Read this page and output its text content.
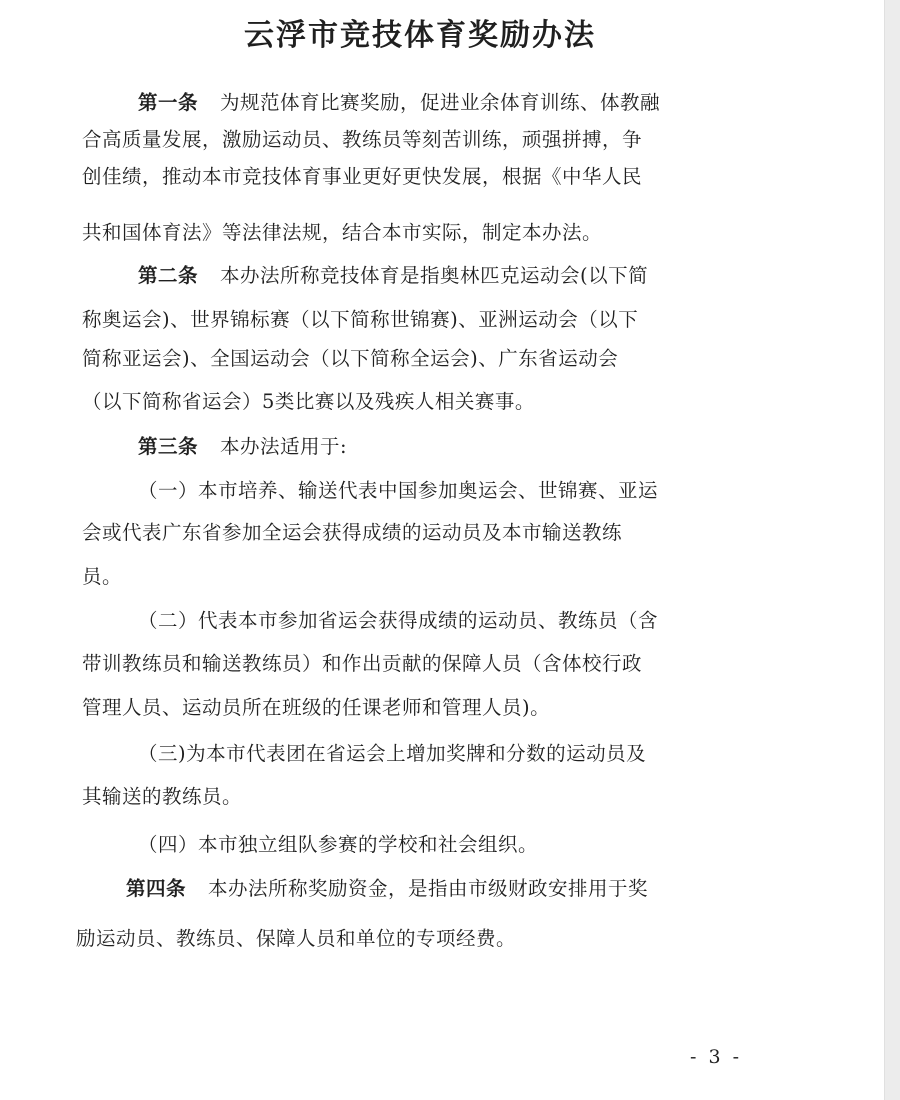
云浮市竞技体育奖励办法
第一条 为规范体育比赛奖励，促进业余体育训练、体教融
合高质量发展，激励运动员、教练员等刻苦训练，顽强拼搏，争
创佳绩，推动本市竞技体育事业更好更快发展，根据《中华人民
共和国体育法》等法律法规，结合本市实际，制定本办法。
第二条 本办法所称竞技体育是指奥林匹克运动会(以下简
称奥运会)、世界锦标赛（以下简称世锦赛)、亚洲运动会（以下
简称亚运会)、全国运动会（以下简称全运会)、广东省运动会
（以下简称省运会）5类比赛以及残疾人相关赛事。
第三条 本办法适用于:
（一）本市培养、输送代表中国参加奥运会、世锦赛、亚运
会或代表广东省参加全运会获得成绩的运动员及本市输送教练
员。
（二）代表本市参加省运会获得成绩的运动员、教练员（含
带训教练员和输送教练员）和作出贡献的保障人员（含体校行政
管理人员、运动员所在班级的任课老师和管理人员)。
（三)为本市代表团在省运会上增加奖牌和分数的运动员及
其输送的教练员。
（四）本市独立组队参赛的学校和社会组织。
第四条 本办法所称奖励资金，是指由市级财政安排用于奖
励运动员、教练员、保障人员和单位的专项经费。
- 3 -
